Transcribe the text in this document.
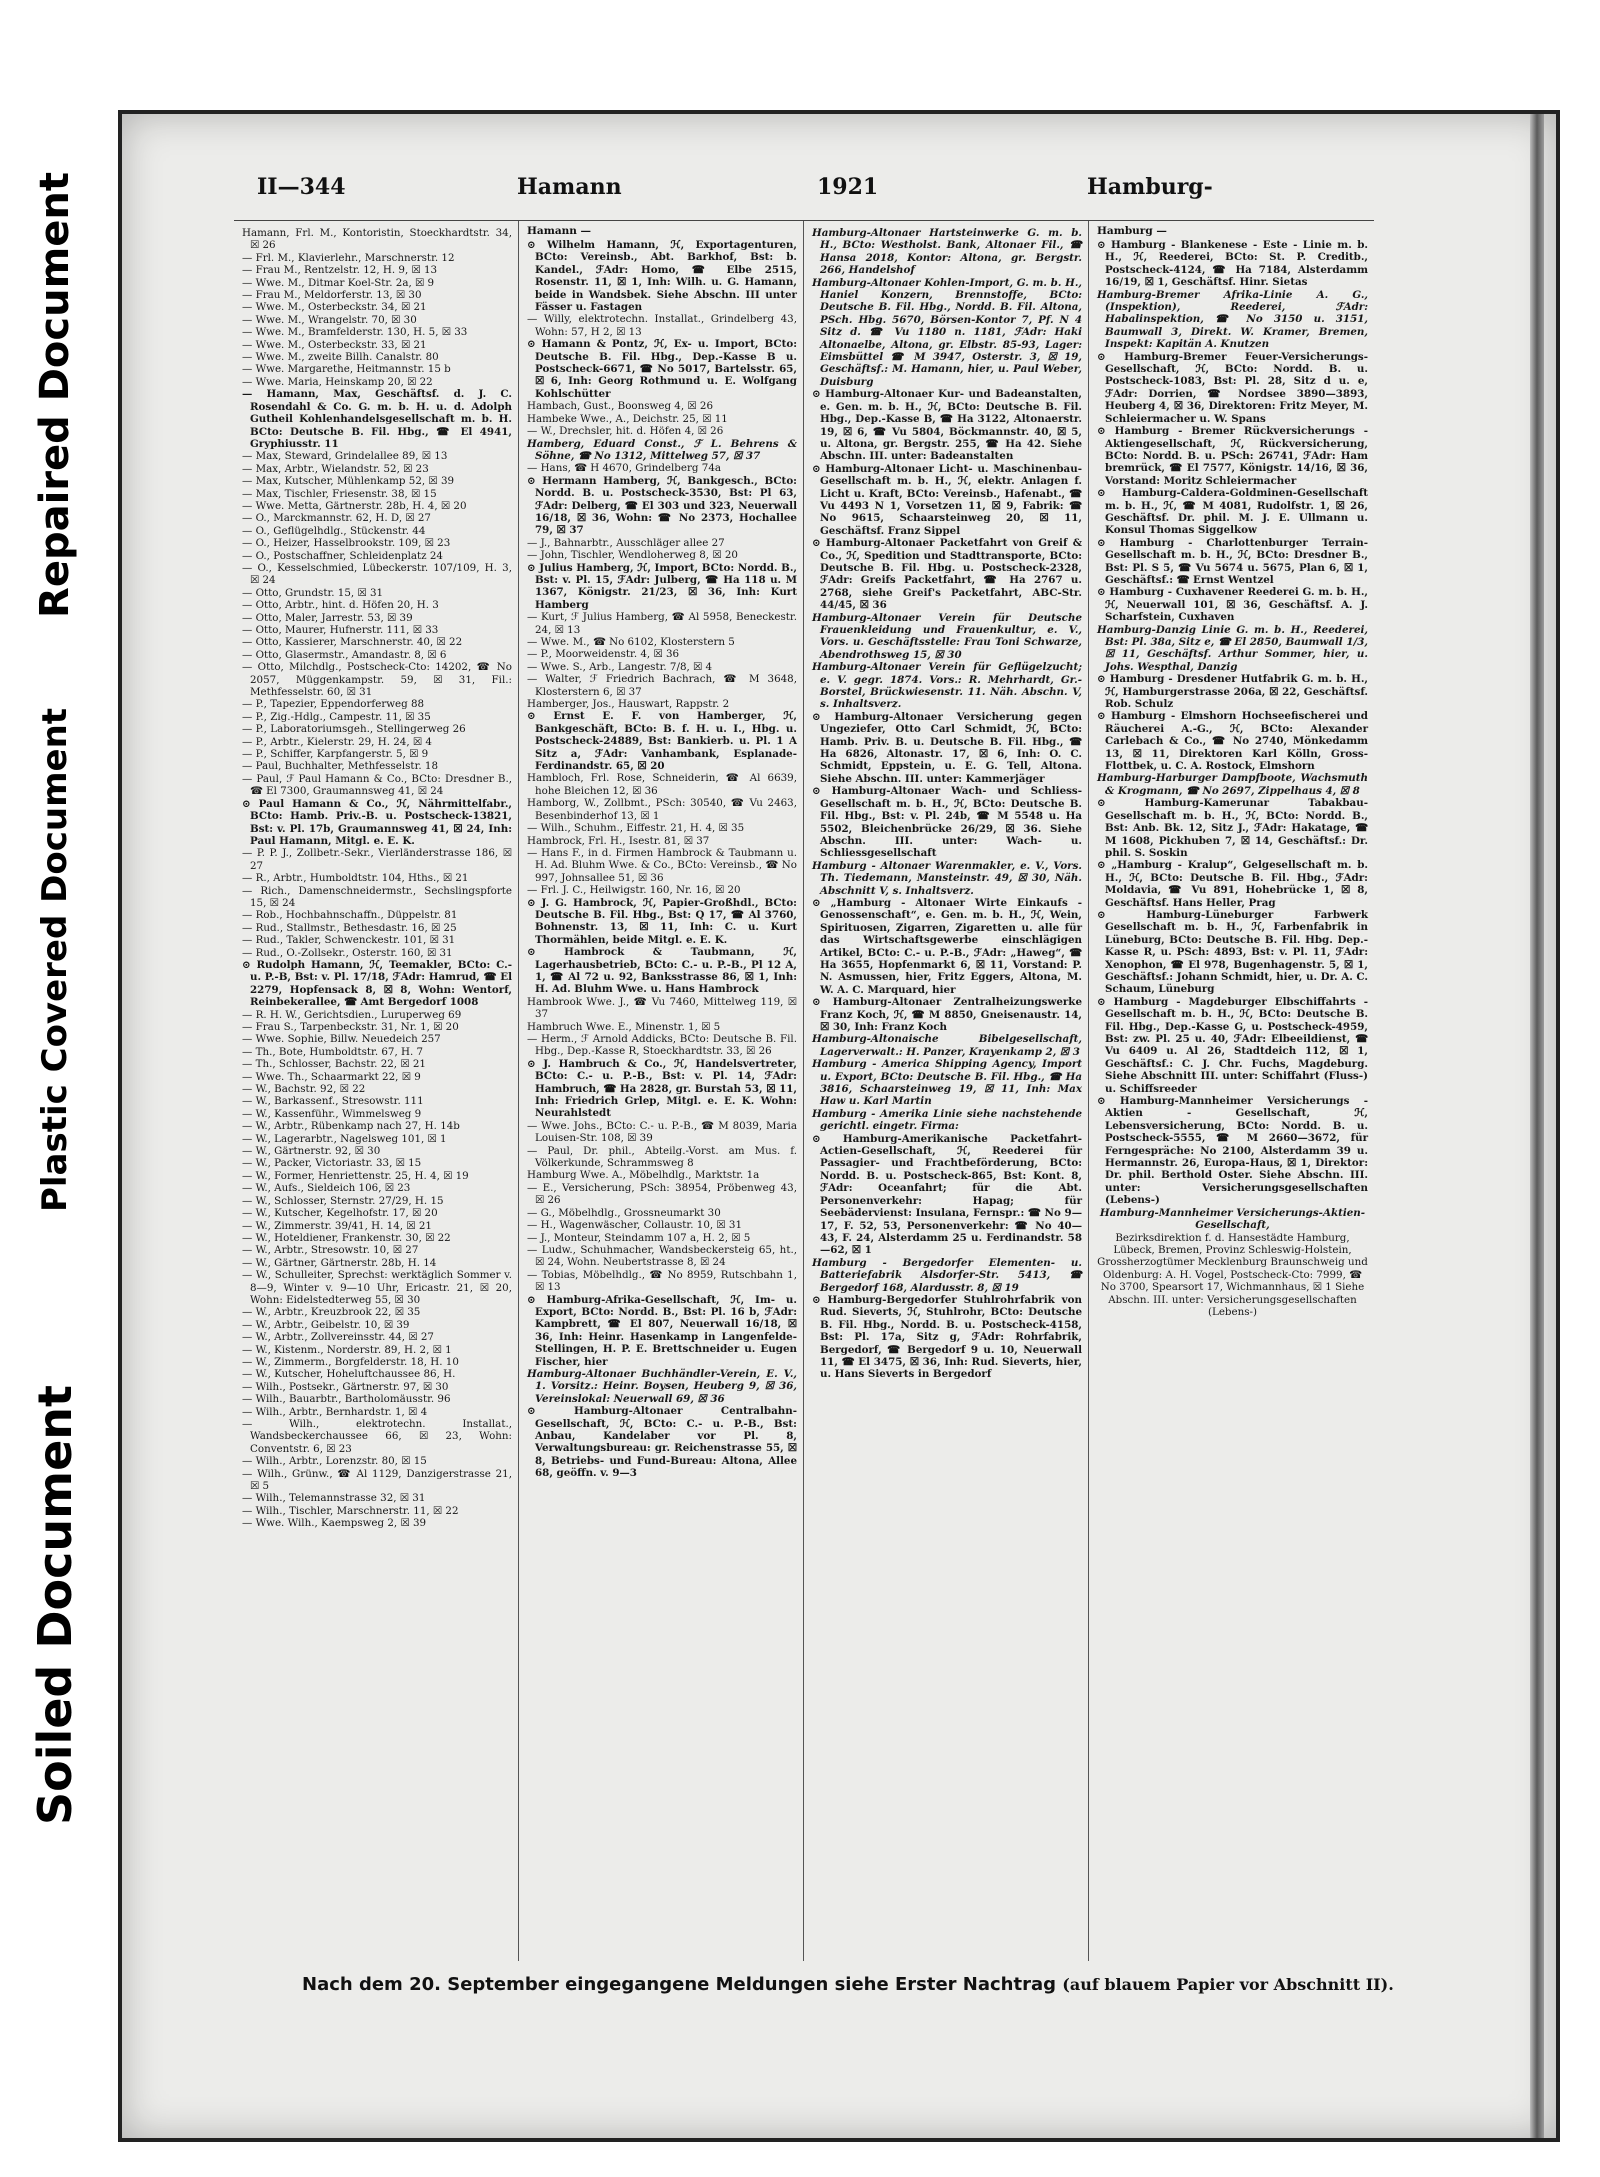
Repaired Document
Plastic Covered Document
Soiled Document
II—344	Hamann	1921	Hamburg-

Hamann, Frl. M., Kontoristin, Stoeckhardtstr. 34, ☒ 26

— Frl. M., Klavierlehr., Marschnerstr. 12

— Frau M., Rentzelstr. 12, H. 9, ☒ 13

— Wwe. M., Ditmar Koel-Str. 2a, ☒ 9

— Frau M., Meldorferstr. 13, ☒ 30

— Wwe. M., Osterbeckstr. 34, ☒ 21

— Wwe. M., Wrangelstr. 70, ☒ 30

— Wwe. M., Bramfelderstr. 130, H. 5, ☒ 33

— Wwe. M., Osterbeckstr. 33, ☒ 21

— Wwe. M., zweite Billh. Canalstr. 80

— Wwe. Margarethe, Heitmannstr. 15 b

— Wwe. Maria, Heinskamp 20, ☒ 22

— Hamann, Max, Geschäftsf. d. J. C. Rosendahl & Co. G. m. b. H. u. d. Adolph Gutheil Kohlenhandelsgesellschaft m. b. H. BCto: Deutsche B. Fil. Hbg., ☎ El 4941, Gryphiusstr. 11

— Max, Steward, Grindelallee 89, ☒ 13

— Max, Arbtr., Wielandstr. 52, ☒ 23

— Max, Kutscher, Mühlenkamp 52, ☒ 39

— Max, Tischler, Friesenstr. 38, ☒ 15

— Wwe. Metta, Gärtnerstr. 28b, H. 4, ☒ 20

— O., Marckmannstr. 62, H. D, ☒ 27

— O., Geflügelhdlg., Stückenstr. 44

— O., Heizer, Hasselbrookstr. 109, ☒ 23

— O., Postschaffner, Schleidenplatz 24

— O., Kesselschmied, Lübeckerstr. 107/109, H. 3, ☒ 24

— Otto, Grundstr. 15, ☒ 31

— Otto, Arbtr., hint. d. Höfen 20, H. 3

— Otto, Maler, Jarrestr. 53, ☒ 39

— Otto, Maurer, Hufnerstr. 111, ☒ 33

— Otto, Kassierer, Marschnerstr. 40, ☒ 22

— Otto, Glasermstr., Amandastr. 8, ☒ 6

— Otto, Milchdlg., Postscheck-Cto: 14202, ☎ No 2057, Müggenkampstr. 59, ☒ 31, Fil.: Methfesselstr. 60, ☒ 31

— P., Tapezier, Eppendorferweg 88

— P., Zig.-Hdlg., Campestr. 11, ☒ 35

— P., Laboratoriumsgeh., Stellingerweg 26

— P., Arbtr., Kielerstr. 29, H. 24, ☒ 4

— P., Schiffer, Karpfangerstr. 5, ☒ 9

— Paul, Buchhalter, Methfesselstr. 18

— Paul, ℱ Paul Hamann & Co., BCto: Dresdner B., ☎ El 7300, Graumannsweg 41, ☒ 24

⊙ Paul Hamann & Co., ℋ, Nährmittelfabr., BCto: Hamb. Priv.-B. u. Postscheck-13821, Bst: v. Pl. 17b, Graumannsweg 41, ☒ 24, Inh: Paul Hamann, Mitgl. e. E. K.

— P. P. J., Zollbetr.-Sekr., Vierländerstrasse 186, ☒ 27

— R., Arbtr., Humboldtstr. 104, Hths., ☒ 21

— Rich., Damenschneidermstr., Sechslingspforte 15, ☒ 24

— Rob., Hochbahnschaffn., Düppelstr. 81

— Rud., Stallmstr., Bethesdastr. 16, ☒ 25

— Rud., Takler, Schwenckestr. 101, ☒ 31

— Rud., O.-Zollsekr., Osterstr. 160, ☒ 31

⊙ Rudolph Hamann, ℋ, Teemakler, BCto: C.- u. P.-B, Bst: v. Pl. 17/18, ℱAdr: Hamrud, ☎ El 2279, Hopfensack 8, ☒ 8, Wohn: Wentorf, Reinbekerallee, ☎ Amt Bergedorf 1008

— R. H. W., Gerichtsdien., Luruperweg 69

— Frau S., Tarpenbeckstr. 31, Nr. 1, ☒ 20

— Wwe. Sophie, Billw. Neuedeich 257

— Th., Bote, Humboldtstr. 67, H. 7

— Th., Schlosser, Bachstr. 22, ☒ 21

— Wwe. Th., Schaarmarkt 22, ☒ 9

— W., Bachstr. 92, ☒ 22

— W., Barkassenf., Stresowstr. 111

— W., Kassenführ., Wimmelsweg 9

— W., Arbtr., Rübenkamp nach 27, H. 14b

— W., Lagerarbtr., Nagelsweg 101, ☒ 1

— W., Gärtnerstr. 92, ☒ 30

— W., Packer, Victoriastr. 33, ☒ 15

— W., Former, Henriettenstr. 25, H. 4, ☒ 19

— W., Aufs., Sieldeich 106, ☒ 23

— W., Schlosser, Sternstr. 27/29, H. 15

— W., Kutscher, Kegelhofstr. 17, ☒ 20

— W., Zimmerstr. 39/41, H. 14, ☒ 21

— W., Hoteldiener, Frankenstr. 30, ☒ 22

— W., Arbtr., Stresowstr. 10, ☒ 27

— W., Gärtner, Gärtnerstr. 28b, H. 14

— W., Schulleiter, Sprechst: werktäglich Sommer v. 8—9, Winter v. 9—10 Uhr, Ericastr. 21, ☒ 20, Wohn: Eidelstedterweg 55, ☒ 30

— W., Arbtr., Kreuzbrook 22, ☒ 35

— W., Arbtr., Geibelstr. 10, ☒ 39

— W., Arbtr., Zollvereinsstr. 44, ☒ 27

— W., Kistenm., Norderstr. 89, H. 2, ☒ 1

— W., Zimmerm., Borgfelderstr. 18, H. 10

— W., Kutscher, Hoheluftchaussee 86, H.

— Wilh., Postsekr., Gärtnerstr. 97, ☒ 30

— Wilh., Bauarbtr., Bartholomäusstr. 96

— Wilh., Arbtr., Bernhardstr. 1, ☒ 4

— Wilh., elektrotechn. Installat., Wandsbeckerchaussee 66, ☒ 23, Wohn: Conventstr. 6, ☒ 23

— Wilh., Arbtr., Lorenzstr. 80, ☒ 15

— Wilh., Grünw., ☎ Al 1129, Danzigerstrasse 21, ☒ 5

— Wilh., Telemannstrasse 32, ☒ 31

— Wilh., Tischler, Marschnerstr. 11, ☒ 22

— Wwe. Wilh., Kaempsweg 2, ☒ 39

Hamann —

⊙ Wilhelm Hamann, ℋ, Exportagenturen, BCto: Vereinsb., Abt. Barkhof, Bst: b. Kandel., ℱAdr: Homo, ☎ Elbe 2515, Rosenstr. 11, ☒ 1, Inh: Wilh. u. G. Hamann, beide in Wandsbek. Siehe Abschn. III unter Fässer u. Fastagen

— Willy, elektrotechn. Installat., Grindelberg 43, Wohn: 57, H 2, ☒ 13

⊙ Hamann & Pontz, ℋ, Ex- u. Import, BCto: Deutsche B. Fil. Hbg., Dep.-Kasse B u. Postscheck-6671, ☎ No 5017, Bartelsstr. 65, ☒ 6, Inh: Georg Rothmund u. E. Wolfgang Kohlschütter

Hambach, Gust., Boonsweg 4, ☒ 26

Hambeke Wwe., A., Deichstr. 25, ☒ 11

— W., Drechsler, hit. d. Höfen 4, ☒ 26

Hamberg, Eduard Const., ℱ L. Behrens & Söhne, ☎ No 1312, Mittelweg 57, ☒ 37

— Hans, ☎ H 4670, Grindelberg 74a

⊙ Hermann Hamberg, ℋ, Bankgesch., BCto: Nordd. B. u. Postscheck-3530, Bst: Pl 63, ℱAdr: Delberg, ☎ El 303 und 323, Neuerwall 16/18, ☒ 36, Wohn: ☎ No 2373, Hochallee 79, ☒ 37

— J., Bahnarbtr., Ausschläger allee 27

— John, Tischler, Wendloherweg 8, ☒ 20

⊙ Julius Hamberg, ℋ, Import, BCto: Nordd. B., Bst: v. Pl. 15, ℱAdr: Julberg, ☎ Ha 118 u. M 1367, Königstr. 21/23, ☒ 36, Inh: Kurt Hamberg

— Kurt, ℱ Julius Hamberg, ☎ Al 5958, Beneckestr. 24, ☒ 13

— Wwe. M., ☎ No 6102, Klosterstern 5

— P., Moorweidenstr. 4, ☒ 36

— Wwe. S., Arb., Langestr. 7/8, ☒ 4

— Walter, ℱ Friedrich Bachrach, ☎ M 3648, Klosterstern 6, ☒ 37

Hamberger, Jos., Hauswart, Rappstr. 2

⊙ Ernst E. F. von Hamberger, ℋ, Bankgeschäft, BCto: B. f. H. u. I., Hbg. u. Postscheck-24889, Bst: Bankierb. u. Pl. 1 A Sitz a, ℱAdr: Vanhambank, Esplanade-Ferdinandstr. 65, ☒ 20

Hambloch, Frl. Rose, Schneiderin, ☎ Al 6639, hohe Bleichen 12, ☒ 36

Hamborg, W., Zollbmt., PSch: 30540, ☎ Vu 2463, Besenbinderhof 13, ☒ 1

— Wilh., Schuhm., Eiffestr. 21, H. 4, ☒ 35

Hambrock, Frl. H., Isestr. 81, ☒ 37

— Hans F., in d. Firmen Hambrock & Taubmann u. H. Ad. Bluhm Wwe. & Co., BCto: Vereinsb., ☎ No 997, Johnsallee 51, ☒ 36

— Frl. J. C., Heilwigstr. 160, Nr. 16, ☒ 20

⊙ J. G. Hambrock, ℋ, Papier-Großhdl., BCto: Deutsche B. Fil. Hbg., Bst: Q 17, ☎ Al 3760, Bohnenstr. 13, ☒ 11, Inh: C. u. Kurt Thormählen, beide Mitgl. e. E. K.

⊙ Hambrock & Taubmann, ℋ, Lagerhausbetrieb, BCto: C.- u. P.-B., Pl 12 A, 1, ☎ Al 72 u. 92, Banksstrasse 86, ☒ 1, Inh: H. Ad. Bluhm Wwe. u. Hans Hambrock

Hambrook Wwe. J., ☎ Vu 7460, Mittelweg 119, ☒ 37

Hambruch Wwe. E., Minenstr. 1, ☒ 5

— Herm., ℱ Arnold Addicks, BCto: Deutsche B. Fil. Hbg., Dep.-Kasse R, Stoeckhardtstr. 33, ☒ 26

⊙ J. Hambruch & Co., ℋ, Handelsvertreter, BCto: C.- u. P.-B., Bst: v. Pl. 14, ℱAdr: Hambruch, ☎ Ha 2828, gr. Burstah 53, ☒ 11, Inh: Friedrich Grlep, Mitgl. e. E. K. Wohn: Neurahlstedt

— Wwe. Johs., BCto: C.- u. P.-B., ☎ M 8039, Maria Louisen-Str. 108, ☒ 39

— Paul, Dr. phil., Abteilg.-Vorst. am Mus. f. Völkerkunde, Schrammsweg 8

Hamburg Wwe. A., Möbelhdlg., Marktstr. 1a

— E., Versicherung, PSch: 38954, Pröbenweg 43, ☒ 26

— G., Möbelhdlg., Grossneumarkt 30

— H., Wagenwäscher, Collaustr. 10, ☒ 31

— J., Monteur, Steindamm 107 a, H. 2, ☒ 5

— Ludw., Schuhmacher, Wandsbeckersteig 65, ht., ☒ 24, Wohn. Neubertstrasse 8, ☒ 24

— Tobias, Möbelhdlg., ☎ No 8959, Rutschbahn 1, ☒ 13

⊙ Hamburg-Afrika-Gesellschaft, ℋ, Im- u. Export, BCto: Nordd. B., Bst: Pl. 16 b, ℱAdr: Kampbrett, ☎ El 807, Neuerwall 16/18, ☒ 36, Inh: Heinr. Hasenkamp in Langenfelde-Stellingen, H. P. E. Brettschneider u. Eugen Fischer, hier

Hamburg-Altonaer Buchhändler-Verein, E. V., 1. Vorsitz.: Heinr. Boysen, Heuberg 9, ☒ 36, Vereinslokal: Neuerwall 69, ☒ 36

⊙ Hamburg-Altonaer Centralbahn-Gesellschaft, ℋ, BCto: C.- u. P.-B., Bst: Anbau, Kandelaber vor Pl. 8, Verwaltungsbureau: gr. Reichenstrasse 55, ☒ 8, Betriebs- und Fund-Bureau: Altona, Allee 68, geöffn. v. 9—3

Hamburg-Altonaer Hartsteinwerke G. m. b. H., BCto: Westholst. Bank, Altonaer Fil., ☎ Hansa 2018, Kontor: Altona, gr. Bergstr. 266, Handelshof

Hamburg-Altonaer Kohlen-Import, G. m. b. H., Haniel Konzern, Brennstoffe, BCto: Deutsche B. Fil. Hbg., Nordd. B. Fil. Altona, PSch. Hbg. 5670, Börsen-Kontor 7, Pf. N 4 Sitz d. ☎ Vu 1180 n. 1181, ℱAdr: Haki Altonaelbe, Altona, gr. Elbstr. 85-93, Lager: Eimsbüttel ☎ M 3947, Osterstr. 3, ☒ 19, Geschäftsf.: M. Hamann, hier, u. Paul Weber, Duisburg

⊙ Hamburg-Altonaer Kur- und Badeanstalten, e. Gen. m. b. H., ℋ, BCto: Deutsche B. Fil. Hbg., Dep.-Kasse B, ☎ Ha 3122, Altonaerstr. 19, ☒ 6, ☎ Vu 5804, Böckmannstr. 40, ☒ 5, u. Altona, gr. Bergstr. 255, ☎ Ha 42. Siehe Abschn. III. unter: Badeanstalten

⊙ Hamburg-Altonaer Licht- u. Maschinenbau-Gesellschaft m. b. H., ℋ, elektr. Anlagen f. Licht u. Kraft, BCto: Vereinsb., Hafenabt., ☎ Vu 4493 N 1, Vorsetzen 11, ☒ 9, Fabrik: ☎ No 9615, Schaarsteinweg 20, ☒ 11, Geschäftsf. Franz Sippel

⊙ Hamburg-Altonaer Packetfahrt von Greif & Co., ℋ, Spedition und Stadttransporte, BCto: Deutsche B. Fil. Hbg. u. Postscheck-2328, ℱAdr: Greifs Packetfahrt, ☎ Ha 2767 u. 2768, siehe Greif's Packetfahrt, ABC-Str. 44/45, ☒ 36

Hamburg-Altonaer Verein für Deutsche Frauenkleidung und Frauenkultur, e. V., Vors. u. Geschäftsstelle: Frau Toni Schwarze, Abendrothsweg 15, ☒ 30

Hamburg-Altonaer Verein für Geflügelzucht; e. V. gegr. 1874. Vors.: R. Mehrhardt, Gr.-Borstel, Brückwiesenstr. 11. Näh. Abschn. V, s. Inhaltsverz.

⊙ Hamburg-Altonaer Versicherung gegen Ungeziefer, Otto Carl Schmidt, ℋ, BCto: Hamb. Priv. B. u. Deutsche B. Fil. Hbg., ☎ Ha 6826, Altonastr. 17, ☒ 6, Inh: O. C. Schmidt, Eppstein, u. E. G. Tell, Altona. Siehe Abschn. III. unter: Kammerjäger

⊙ Hamburg-Altonaer Wach- und Schliess-Gesellschaft m. b. H., ℋ, BCto: Deutsche B. Fil. Hbg., Bst: v. Pl. 24b, ☎ M 5548 u. Ha 5502, Bleichenbrücke 26/29, ☒ 36. Siehe Abschn. III. unter: Wach- u. Schliessgesellschaft

Hamburg - Altonaer Warenmakler, e. V., Vors. Th. Tiedemann, Mansteinstr. 49, ☒ 30, Näh. Abschnitt V, s. Inhaltsverz.

⊙ „Hamburg - Altonaer Wirte Einkaufs - Genossenschaft“, e. Gen. m. b. H., ℋ, Wein, Spirituosen, Zigarren, Zigaretten u. alle für das Wirtschaftsgewerbe einschlägigen Artikel, BCto: C.- u. P.-B., ℱAdr: „Haweg“, ☎ Ha 3655, Hopfenmarkt 6, ☒ 11, Vorstand: P. N. Asmussen, hier, Fritz Eggers, Altona, M. W. A. C. Marquard, hier

⊙ Hamburg-Altonaer Zentralheizungswerke Franz Koch, ℋ, ☎ M 8850, Gneisenaustr. 14, ☒ 30, Inh: Franz Koch

Hamburg-Altonaische Bibelgesellschaft, Lagerverwalt.: H. Panzer, Krayenkamp 2, ☒ 3

Hamburg - America Shipping Agency, Import u. Export, BCto: Deutsche B. Fil. Hbg., ☎ Ha 3816, Schaarsteinweg 19, ☒ 11, Inh: Max Haw u. Karl Martin

Hamburg - Amerika Linie siehe nachstehende gerichtl. eingetr. Firma:

⊙ Hamburg-Amerikanische Packetfahrt-Actien-Gesellschaft, ℋ, Reederei für Passagier- und Frachtbeförderung, BCto: Nordd. B. u. Postscheck-865, Bst: Kont. 8, ℱAdr: Oceanfahrt; für die Abt. Personenverkehr: Hapag; für Seebädervienst: Insulana, Fernspr.: ☎ No 9—17, F. 52, 53, Personenverkehr: ☎ No 40—43, F. 24, Alsterdamm 25 u. Ferdinandstr. 58—62, ☒ 1

Hamburg - Bergedorfer Elementen- u. Batteriefabrik Alsdorfer-Str. 5413, ☎ Bergedorf 168, Alardusstr. 8, ☒ 19

⊙ Hamburg-Bergedorfer Stuhlrohrfabrik von Rud. Sieverts, ℋ, Stuhlrohr, BCto: Deutsche B. Fil. Hbg., Nordd. B. u. Postscheck-4158, Bst: Pl. 17a, Sitz g, ℱAdr: Rohrfabrik, Bergedorf, ☎ Bergedorf 9 u. 10, Neuerwall 11, ☎ El 3475, ☒ 36, Inh: Rud. Sieverts, hier, u. Hans Sieverts in Bergedorf

Hamburg —

⊙ Hamburg - Blankenese - Este - Linie m. b. H., ℋ, Reederei, BCto: St. P. Creditb., Postscheck-4124, ☎ Ha 7184, Alsterdamm 16/19, ☒ 1, Geschäftsf. Hinr. Sietas

Hamburg-Bremer Afrika-Linie A. G., (Inspektion), Reederei, ℱAdr: Habalinspektion, ☎ No 3150 u. 3151, Baumwall 3, Direkt. W. Kramer, Bremen, Inspekt: Kapitän A. Knutzen

⊙ Hamburg-Bremer Feuer-Versicherungs-Gesellschaft, ℋ, BCto: Nordd. B. u. Postscheck-1083, Bst: Pl. 28, Sitz d u. e, ℱAdr: Dorrien, ☎ Nordsee 3890—3893, Heuberg 4, ☒ 36, Direktoren: Fritz Meyer, M. Schleiermacher u. W. Spans

⊙ Hamburg - Bremer Rückversicherungs - Aktiengesellschaft, ℋ, Rückversicherung, BCto: Nordd. B. u. PSch: 26741, ℱAdr: Ham bremrück, ☎ El 7577, Königstr. 14/16, ☒ 36, Vorstand: Moritz Schleiermacher

⊙ Hamburg-Caldera-Goldminen-Gesellschaft m. b. H., ℋ, ☎ M 4081, Rudolfstr. 1, ☒ 26, Geschäftsf. Dr. phil. M. J. E. Ullmann u. Konsul Thomas Siggelkow

⊙ Hamburg - Charlottenburger Terrain-Gesellschaft m. b. H., ℋ, BCto: Dresdner B., Bst: Pl. S 5, ☎ Vu 5674 u. 5675, Plan 6, ☒ 1, Geschäftsf.: ☎ Ernst Wentzel

⊙ Hamburg - Cuxhavener Reederei G. m. b. H., ℋ, Neuerwall 101, ☒ 36, Geschäftsf. A. J. Scharfstein, Cuxhaven

Hamburg-Danzig Linie G. m. b. H., Reederei, Bst: Pl. 38a, Sitz e, ☎ El 2850, Baumwall 1/3, ☒ 11, Geschäftsf. Arthur Sommer, hier, u. Johs. Wespthal, Danzig

⊙ Hamburg - Dresdener Hutfabrik G. m. b. H., ℋ, Hamburgerstrasse 206a, ☒ 22, Geschäftsf. Rob. Schulz

⊙ Hamburg - Elmshorn Hochseefischerei und Räucherei A.-G., ℋ, BCto: Alexander Carlebach & Co., ☎ No 2740, Mönkedamm 13, ☒ 11, Direktoren Karl Kölln, Gross-Flottbek, u. C. A. Rostock, Elmshorn

Hamburg-Harburger Dampfboote, Wachsmuth & Krogmann, ☎ No 2697, Zippelhaus 4, ☒ 8

⊙ Hamburg-Kamerunar Tabakbau-Gesellschaft m. b. H., ℋ, BCto: Nordd. B., Bst: Anb. Bk. 12, Sitz J., ℱAdr: Hakatage, ☎ M 1608, Pickhuben 7, ☒ 14, Geschäftsf.: Dr. phil. S. Soskin

⊙ „Hamburg - Kralup“, Gelgesellschaft m. b. H., ℋ, BCto: Deutsche B. Fil. Hbg., ℱAdr: Moldavia, ☎ Vu 891, Hohebrücke 1, ☒ 8, Geschäftsf. Hans Heller, Prag

⊙ Hamburg-Lüneburger Farbwerk Gesellschaft m. b. H., ℋ, Farbenfabrik in Lüneburg, BCto: Deutsche B. Fil. Hbg. Dep.-Kasse R, u. PSch: 4893, Bst: v. Pl. 11, ℱAdr: Xenophon, ☎ El 978, Bugenhagenstr. 5, ☒ 1, Geschäftsf.: Johann Schmidt, hier, u. Dr. A. C. Schaum, Lüneburg

⊙ Hamburg - Magdeburger Elbschiffahrts - Gesellschaft m. b. H., ℋ, BCto: Deutsche B. Fil. Hbg., Dep.-Kasse G, u. Postscheck-4959, Bst: zw. Pl. 25 u. 40, ℱAdr: Elbeeildienst, ☎ Vu 6409 u. Al 26, Stadtdeich 112, ☒ 1, Geschäftsf.: C. J. Chr. Fuchs, Magdeburg. Siehe Abschnitt III. unter: Schiffahrt (Fluss-) u. Schiffsreeder

⊙ Hamburg-Mannheimer Versicherungs - Aktien - Gesellschaft, ℋ, Lebensversicherung, BCto: Nordd. B. u. Postscheck-5555, ☎ M 2660—3672, für Ferngespräche: No 2100, Alsterdamm 39 u. Hermannstr. 26, Europa-Haus, ☒ 1, Direktor: Dr. phil. Berthold Oster. Siehe Abschn. III. unter: Versicherungsgesellschaften (Lebens-)

Hamburg-Mannheimer Versicherungs-Aktien-Gesellschaft,

Bezirksdirektion f. d. Hansestädte Hamburg, Lübeck, Bremen, Provinz Schleswig-Holstein, Grossherzogtümer Mecklenburg Braunschweig und Oldenburg: A. H. Vogel, Postscheck-Cto: 7999, ☎ No 3700, Spearsort 17, Wichmannhaus, ☒ 1 Siehe Abschn. III. unter: Versicherungsgesellschaften (Lebens-)

Nach dem 20. September eingegangene Meldungen siehe Erster Nachtrag (auf blauem Papier vor Abschnitt II).
